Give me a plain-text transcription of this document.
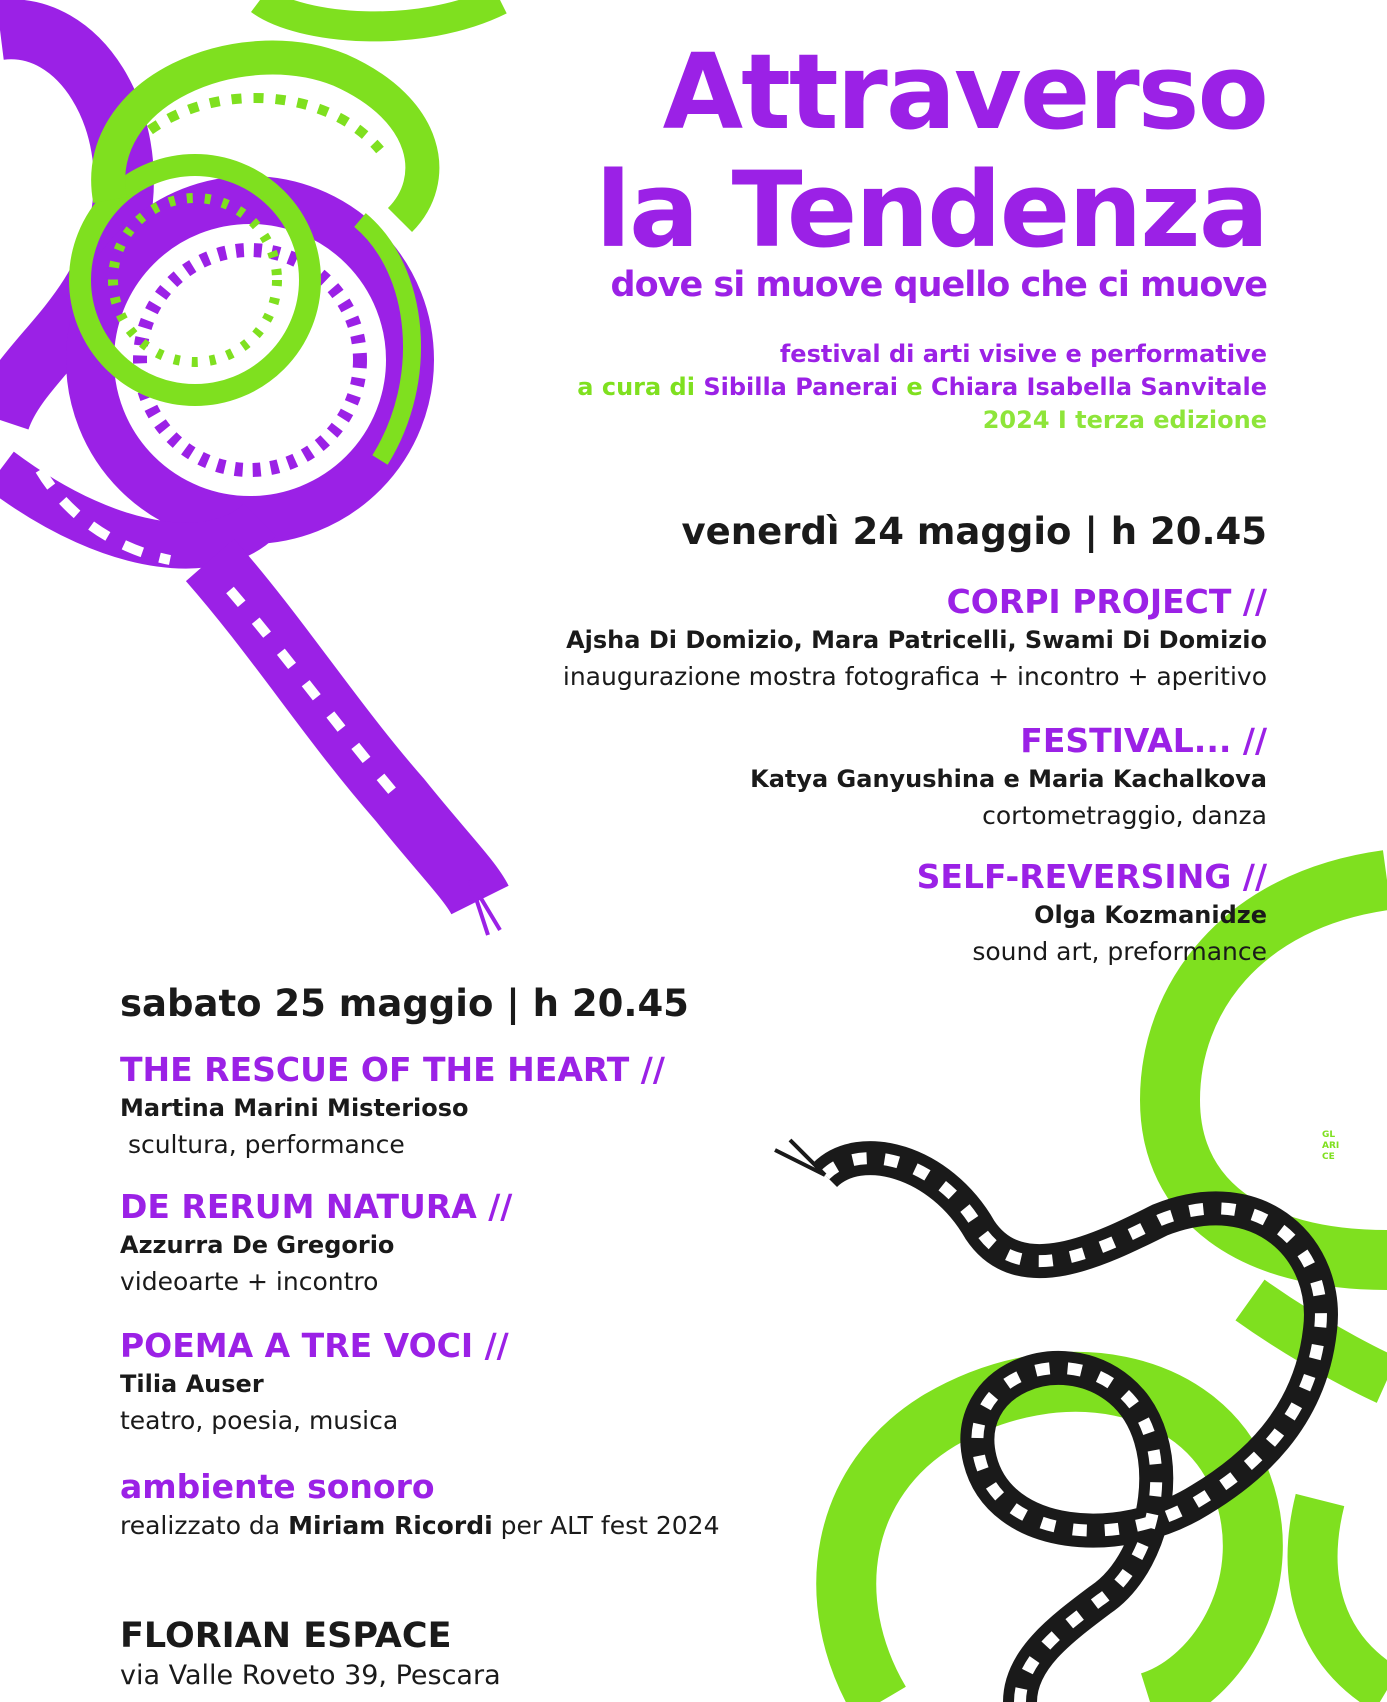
Attraverso
la Tendenza
dove si muove quello che ci muove
festival di arti visive e performative
a cura di Sibilla Panerai e Chiara Isabella Sanvitale
2024 I terza edizione
venerdì 24 maggio | h 20.45
CORPI PROJECT //
Ajsha Di Domizio, Mara Patricelli, Swami Di Domizio
inaugurazione mostra fotografica + incontro + aperitivo
FESTIVAL... //
Katya Ganyushina e Maria Kachalkova
cortometraggio, danza
SELF-REVERSING //
Olga Kozmanidze
sound art, preformance
sabato 25 maggio | h 20.45
THE RESCUE OF THE HEART //
Martina Marini Misterioso
scultura, performance
DE RERUM NATURA //
Azzurra De Gregorio
videoarte + incontro
POEMA A TRE VOCI //
Tilia Auser
teatro, poesia, musica
ambiente sonoro
realizzato da Miriam Ricordi per ALT fest 2024
FLORIAN ESPACE
via Valle Roveto 39, Pescara
GL
ARI
CE
